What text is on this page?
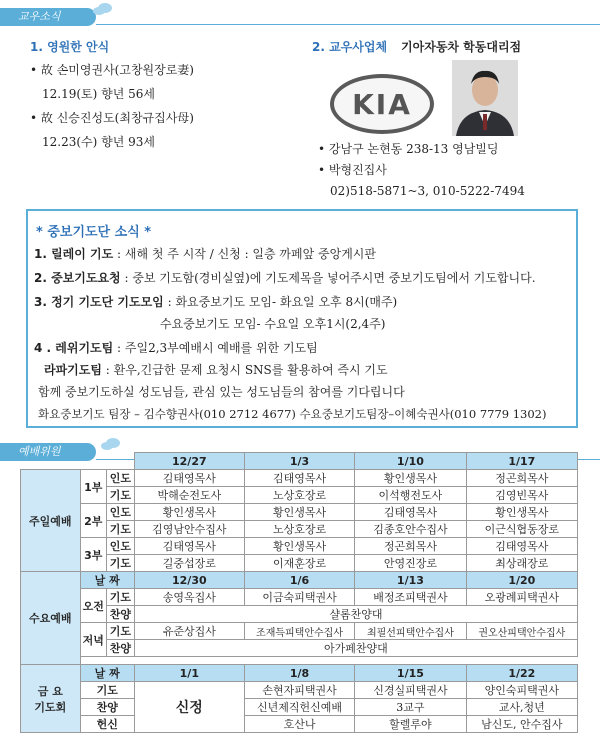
교우소식
1. 영원한 안식
• 故 손미영권사(고창원장로妻)
12.19(토) 향년 56세
• 故 신승진성도(최창규집사母)
12.23(수) 향년 93세
2. 교우사업체 기아자동차 학동대리점
KIA
• 강남구 논현동 238-13 영남빌딩
• 박형진집사
02)518-5871~3, 010-5222-7494
* 중보기도단 소식 *
1. 릴레이 기도 : 새해 첫 주 시작 / 신청 : 일층 까페앞 중앙게시판
2. 중보기도요청 : 중보 기도함(경비실옆)에 기도제목을 넣어주시면 중보기도팀에서 기도합니다.
3. 정기 기도단 기도모임 : 화요중보기도 모임- 화요일 오후 8시(매주)
수요중보기도 모임- 수요일 오후1시(2,4주)
4 . 레위기도팀 : 주일2,3부예배시 예배를 위한 기도팀
라파기도팀 : 환우,긴급한 문제 요청시 SNS를 활용하여 즉시 기도
함께 중보기도하실 성도님들, 관심 있는 성도님들의 참여를 기다립니다
화요중보기도 팀장 – 김수향권사(010 2712 4677) 수요중보기도팀장–이혜숙권사(010 7779 1302)
예배위원
			12/27	1/3	1/10	1/17
주일예배	1부	인도	김태영목사	김태영목사	황인생목사	정곤희목사
		기도	박해순전도사	노상호장로	이석행전도사	김영빈목사
	2부	인도	황인생목사	황인생목사	김태영목사	황인생목사
		기도	김영남안수집사	노상호장로	김종호안수집사	이근식협동장로
	3부	인도	김태영목사	황인생목사	정곤희목사	김태영목사
		기도	길중섭장로	이재훈장로	안영진장로	최상래장로
수요예배	날 짜		12/30	1/6	1/13	1/20
	오전	기도	송영옥집사	이금숙피택권사	배정조피택권사	오광례피택권사
		찬양	샬롬찬양대			
	저녁	기도	유준상집사	조재득피택안수집사	최필선피택안수집사	권오산피택안수집사
		찬양	아가페찬양대			

금 요
기도회	날 짜		1/1	1/8	1/15	1/22
	기도		신정	손현자피택권사	신경실피택권사	양인숙피택권사
	찬양			신년제직헌신예배	3교구	교사,청년
	헌신			호산나	할렐루야	남신도, 안수집사
